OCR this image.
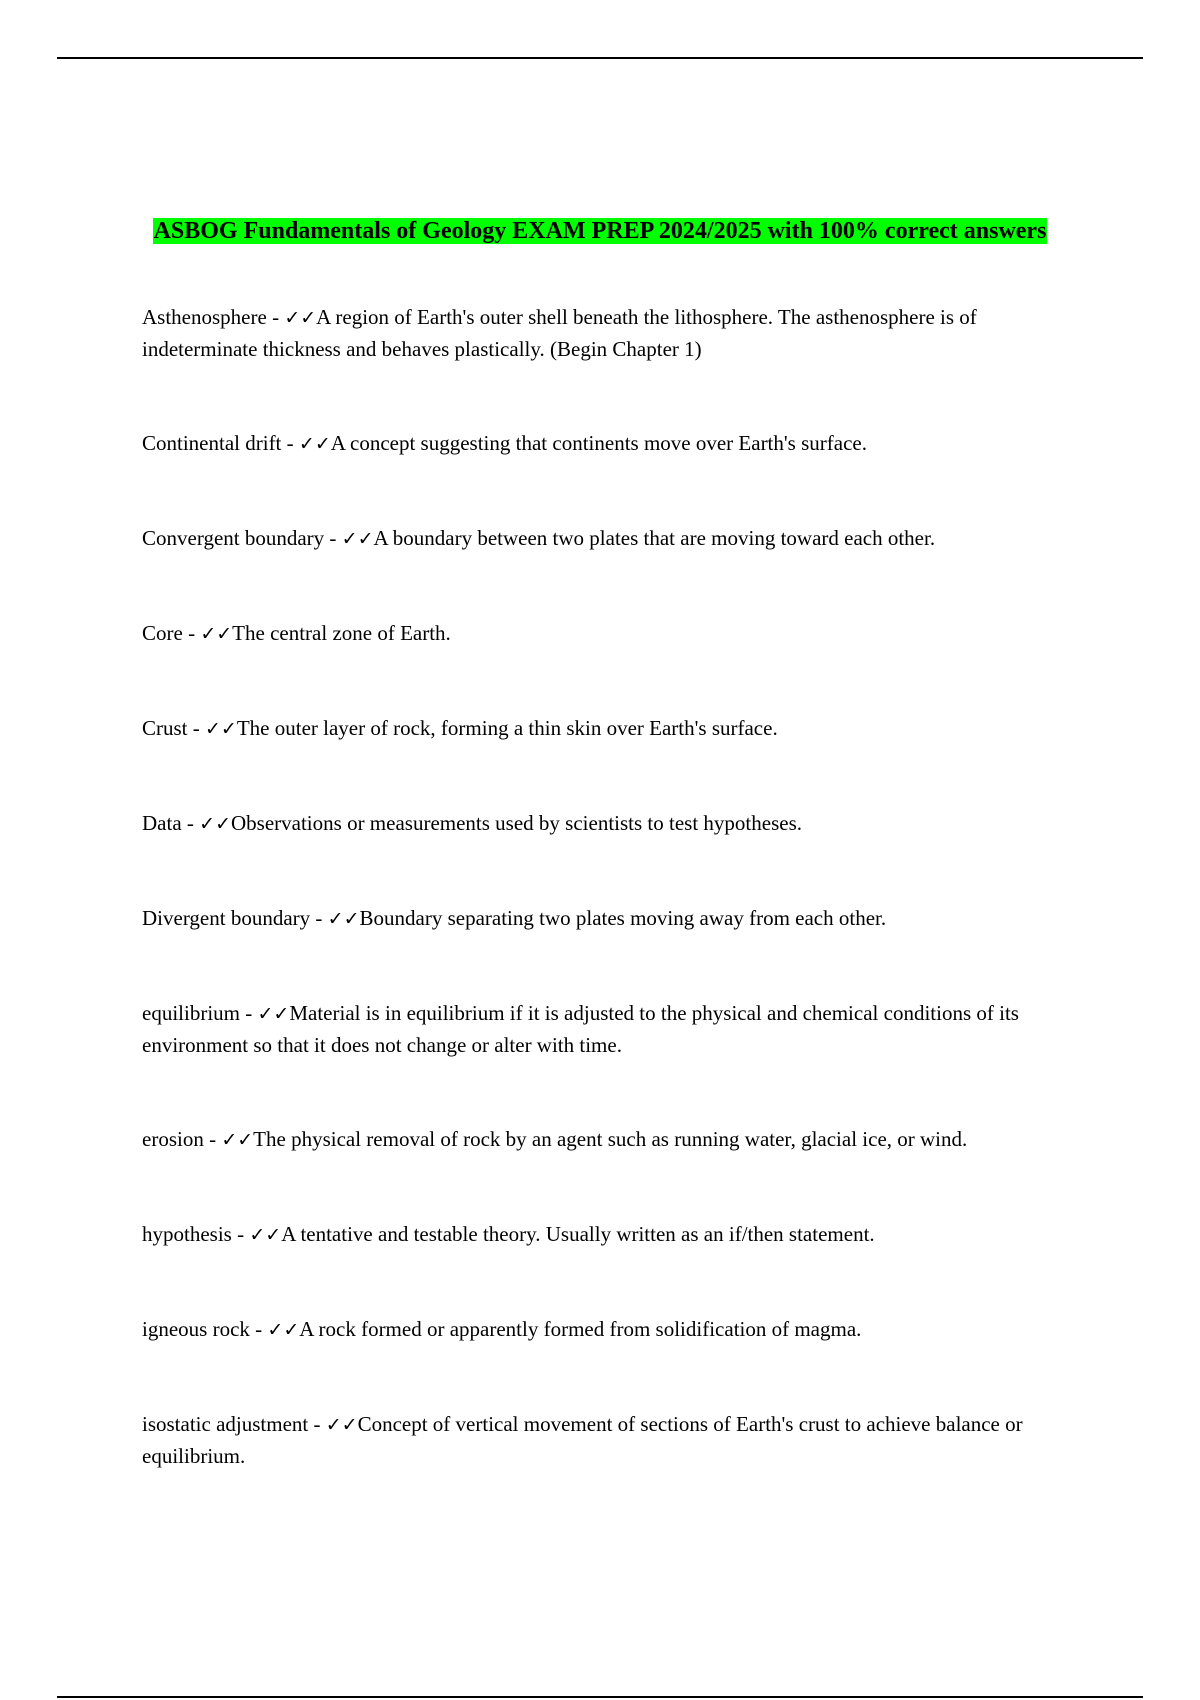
ASBOG Fundamentals of Geology EXAM PREP 2024/2025 with 100% correct answers

Asthenosphere - ✓✓A region of Earth's outer shell beneath the lithosphere. The asthenosphere is of indeterminate thickness and behaves plastically. (Begin Chapter 1)

Continental drift - ✓✓A concept suggesting that continents move over Earth's surface.

Convergent boundary - ✓✓A boundary between two plates that are moving toward each other.

Core - ✓✓The central zone of Earth.

Crust - ✓✓The outer layer of rock, forming a thin skin over Earth's surface.

Data - ✓✓Observations or measurements used by scientists to test hypotheses.

Divergent boundary - ✓✓Boundary separating two plates moving away from each other.

equilibrium - ✓✓Material is in equilibrium if it is adjusted to the physical and chemical conditions of its environment so that it does not change or alter with time.

erosion - ✓✓The physical removal of rock by an agent such as running water, glacial ice, or wind.

hypothesis - ✓✓A tentative and testable theory. Usually written as an if/then statement.

igneous rock - ✓✓A rock formed or apparently formed from solidification of magma.

isostatic adjustment - ✓✓Concept of vertical movement of sections of Earth's crust to achieve balance or equilibrium.
